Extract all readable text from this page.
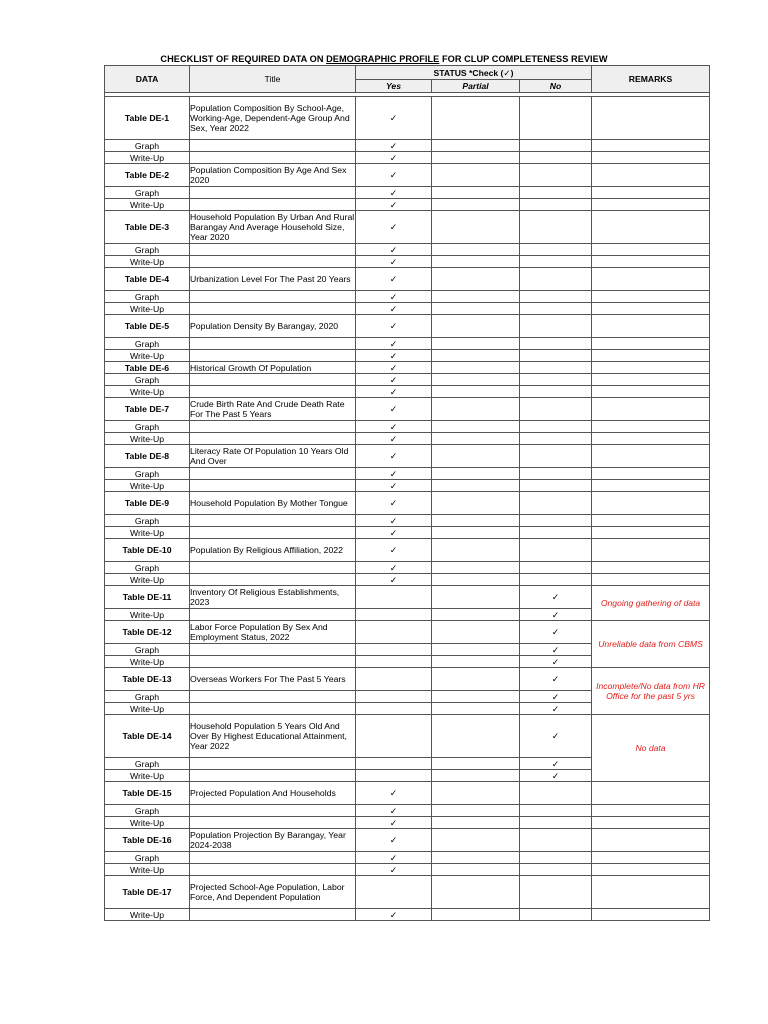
CHECKLIST OF REQUIRED DATA ON DEMOGRAPHIC PROFILE FOR CLUP COMPLETENESS REVIEW
DATA	Title	STATUS *Check (✓)			REMARKS
		Yes	Partial	No	

Table DE-1	Population Composition By School-Age, Working-Age, Dependent-Age Group And Sex, Year 2022	✓			
Graph		✓			
Write-Up		✓			
Table DE-2	Population Composition By Age And Sex 2020	✓			
Graph		✓			
Write-Up		✓			
Table DE-3	Household Population By Urban And Rural Barangay And Average Household Size, Year 2020	✓			
Graph		✓			
Write-Up		✓			
Table DE-4	Urbanization Level For The Past 20 Years	✓			
Graph		✓			
Write-Up		✓			
Table DE-5	Population Density By Barangay, 2020	✓			
Graph		✓			
Write-Up		✓			
Table DE-6	Historical Growth Of Population	✓			
Graph		✓			
Write-Up		✓			
Table DE-7	Crude Birth Rate And Crude Death Rate For The Past 5 Years	✓			
Graph		✓			
Write-Up		✓			
Table DE-8	Literacy Rate Of Population 10 Years Old And Over	✓			
Graph		✓			
Write-Up		✓			
Table DE-9	Household Population By Mother Tongue	✓			
Graph		✓			
Write-Up		✓			
Table DE-10	Population By Religious Affiliation, 2022	✓			
Graph		✓			
Write-Up		✓			
Table DE-11	Inventory Of Religious Establishments, 2023			✓	Ongoing gathering of data
Write-Up				✓	
Table DE-12	Labor Force Population By Sex And Employment Status, 2022			✓	Unreliable data from CBMS
Graph				✓	
Write-Up				✓	
Table DE-13	Overseas Workers For The Past 5 Years			✓	Incomplete/No data from HR Office for the past 5 yrs
Graph				✓	
Write-Up				✓	
Table DE-14	Household Population 5 Years Old And Over By Highest Educational Attainment, Year 2022			✓	No data
Graph				✓	
Write-Up				✓	
Table DE-15	Projected Population And Households	✓			
Graph		✓			
Write-Up		✓			
Table DE-16	Population Projection By Barangay, Year 2024-2038	✓			
Graph		✓			
Write-Up		✓			
Table DE-17	Projected School-Age Population, Labor Force, And Dependent Population				
Write-Up		✓			
